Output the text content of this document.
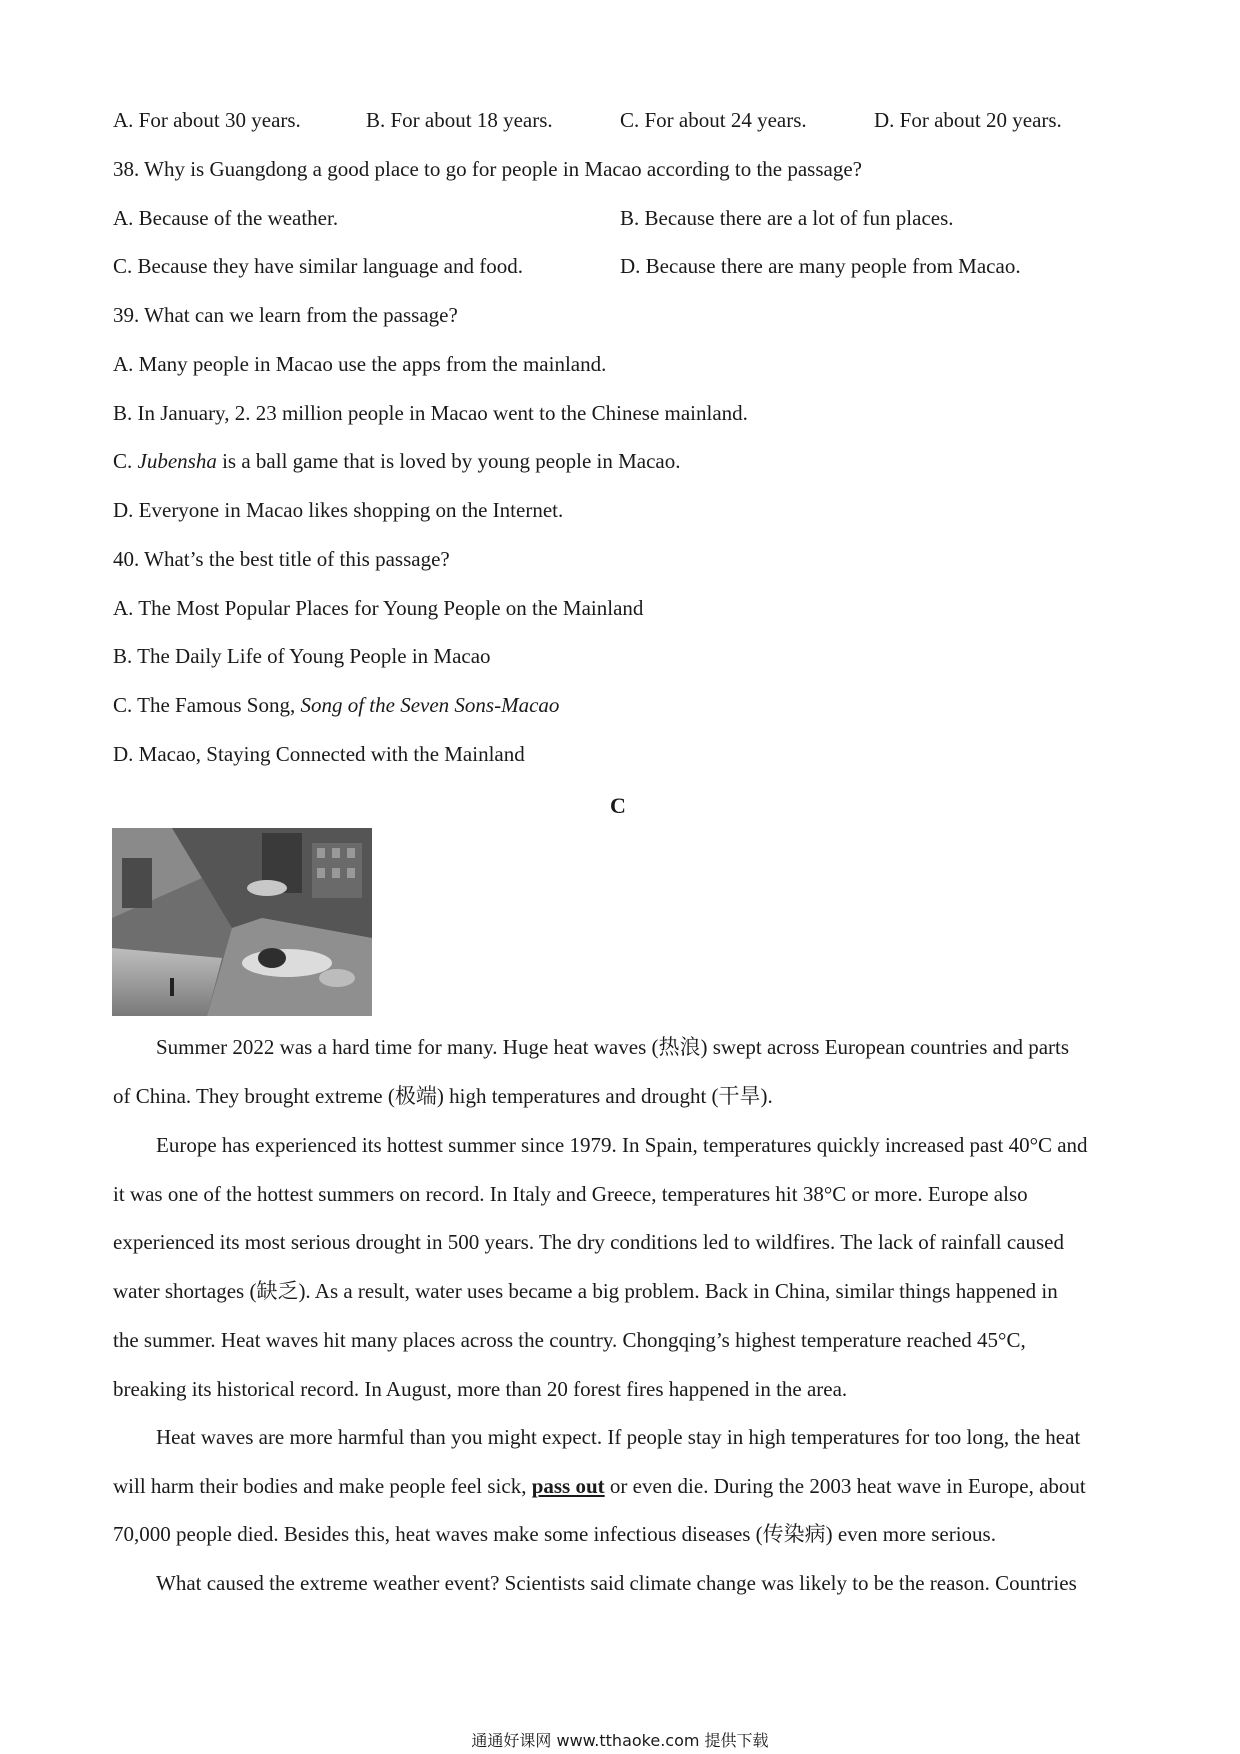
A. For about 30 years.	B. For about 18 years.	C. For about 24 years.	D. For about 20 years.
38. Why is Guangdong a good place to go for people in Macao according to the passage?
A. Because of the weather.	B. Because there are a lot of fun places.
C. Because they have similar language and food.	D. Because there are many people from Macao.
39. What can we learn from the passage?
A. Many people in Macao use the apps from the mainland.
B. In January, 2. 23 million people in Macao went to the Chinese mainland.
C. Jubensha is a ball game that is loved by young people in Macao.
D. Everyone in Macao likes shopping on the Internet.
40. What’s the best title of this passage?
A. The Most Popular Places for Young People on the Mainland
B. The Daily Life of Young People in Macao
C. The Famous Song, Song of the Seven Sons-Macao
D. Macao, Staying Connected with the Mainland
C
Summer 2022 was a hard time for many. Huge heat waves (热浪) swept across European countries and parts
of China. They brought extreme (极端) high temperatures and drought (干旱).
Europe has experienced its hottest summer since 1979. In Spain, temperatures quickly increased past 40°C and
it was one of the hottest summers on record. In Italy and Greece, temperatures hit 38°C or more. Europe also
experienced its most serious drought in 500 years. The dry conditions led to wildfires. The lack of rainfall caused
water shortages (缺乏). As a result, water uses became a big problem. Back in China, similar things happened in
the summer. Heat waves hit many places across the country. Chongqing’s highest temperature reached 45°C,
breaking its historical record. In August, more than 20 forest fires happened in the area.
Heat waves are more harmful than you might expect. If people stay in high temperatures for too long, the heat
will harm their bodies and make people feel sick, pass out or even die. During the 2003 heat wave in Europe, about
70,000 people died. Besides this, heat waves make some infectious diseases (传染病) even more serious.
What caused the extreme weather event? Scientists said climate change was likely to be the reason. Countries
通通好课网 www.tthaoke.com 提供下载
